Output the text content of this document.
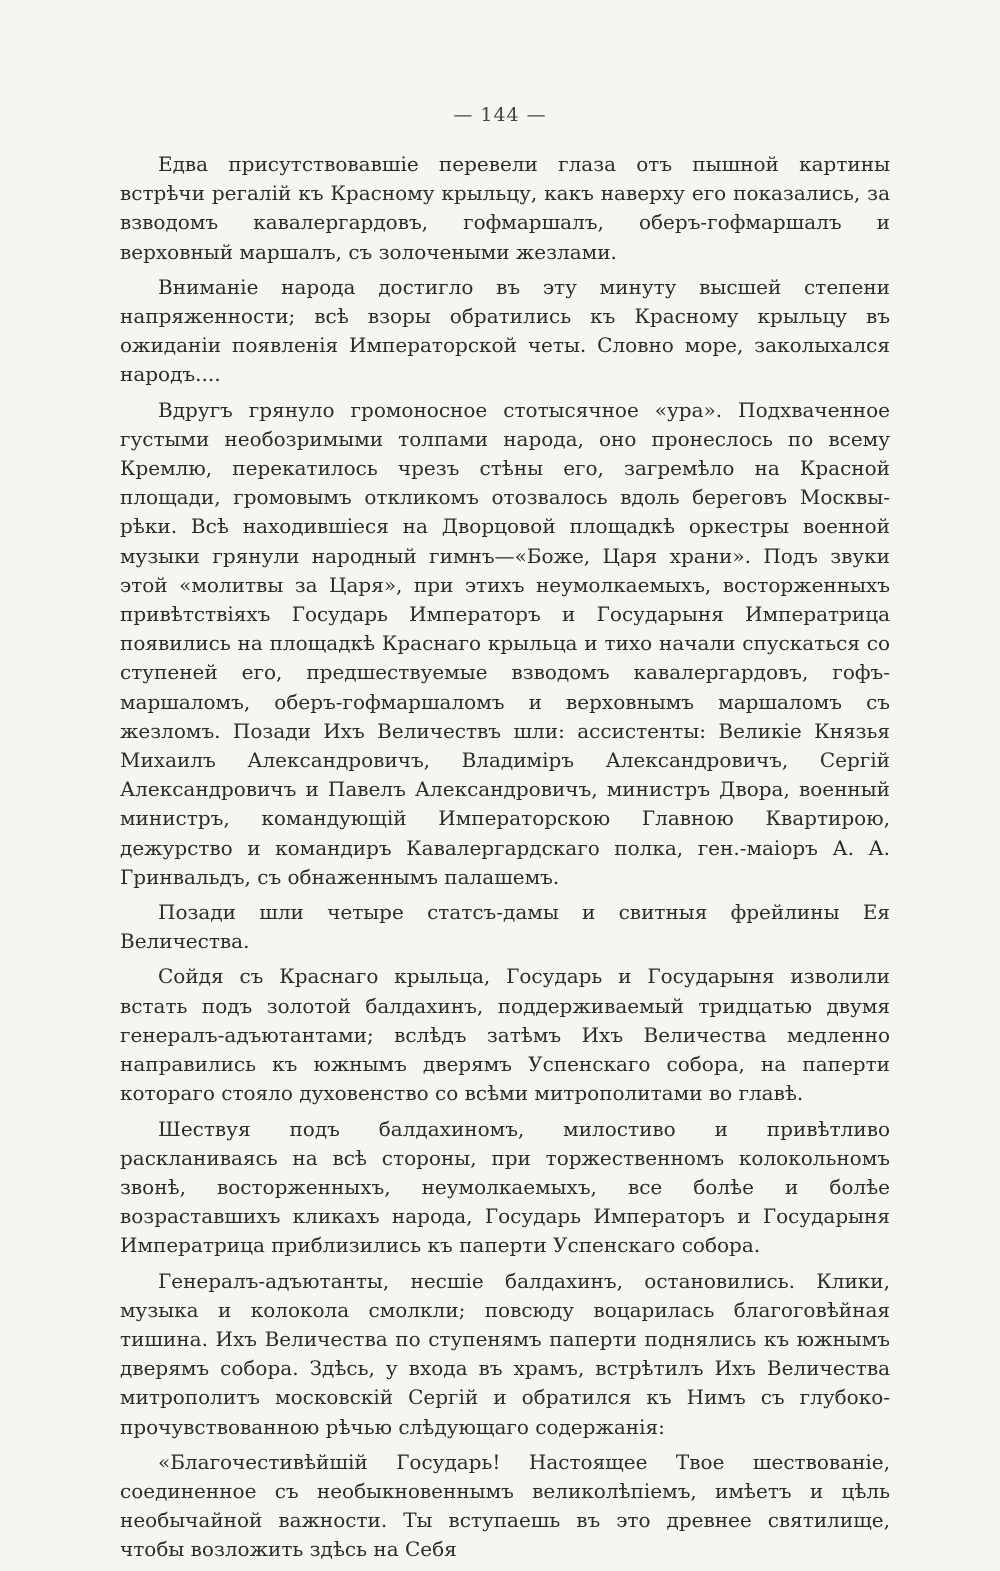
— 144 —

Едва присутствовавшіе перевели глаза отъ пышной картины встрѣчи регалій къ Красному крыльцу, какъ наверху его показались, за взводомъ кавалергардовъ, гофмаршалъ, оберъ-гофмаршалъ и верховный маршалъ, съ золочеными жезлами.

Вниманіе народа достигло въ эту минуту высшей степени напряженности; всѣ взоры обратились къ Красному крыльцу въ ожиданіи появленія Императорской четы. Словно море, заколыхался народъ....

Вдругъ грянуло громоносное стотысячное «ура». Подхваченное густыми необозримыми толпами народа, оно пронеслось по всему Кремлю, перекатилось чрезъ стѣны его, загремѣло на Красной площади, громовымъ откликомъ отозвалось вдоль береговъ Москвы-рѣки. Всѣ находившіеся на Дворцовой площадкѣ оркестры военной музыки грянули народный гимнъ—«Боже, Царя храни». Подъ звуки этой «молитвы за Царя», при этихъ неумолкаемыхъ, восторженныхъ привѣтствіяхъ Государь Императоръ и Государыня Императрица появились на площадкѣ Краснаго крыльца и тихо начали спускаться со ступеней его, предшествуемые взводомъ кавалергардовъ, гофъ-маршаломъ, оберъ-гофмаршаломъ и верховнымъ маршаломъ съ жезломъ. Позади Ихъ Величествъ шли: ассистенты: Великіе Князья Михаилъ Александровичъ, Владиміръ Александровичъ, Сергій Александровичъ и Павелъ Александровичъ, министръ Двора, военный министръ, командующій Императорскою Главною Квартирою, дежурство и командиръ Кавалергардскаго полка, ген.-маіоръ А. А. Гринвальдъ, съ обнаженнымъ палашемъ.

Позади шли четыре статсъ-дамы и свитныя фрейлины Ея Величества.

Сойдя съ Краснаго крыльца, Государь и Государыня изволили встать подъ золотой балдахинъ, поддерживаемый тридцатью двумя генералъ-адъютантами; вслѣдъ затѣмъ Ихъ Величества медленно направились къ южнымъ дверямъ Успенскаго собора, на паперти котораго стояло духовенство со всѣми митрополитами во главѣ.

Шествуя подъ балдахиномъ, милостиво и привѣтливо раскланиваясь на всѣ стороны, при торжественномъ колокольномъ звонѣ, восторженныхъ, неумолкаемыхъ, все болѣе и болѣе возраставшихъ кликахъ народа, Государь Императоръ и Государыня Императрица приблизились къ паперти Успенскаго собора.

Генералъ-адъютанты, несшіе балдахинъ, остановились. Клики, музыка и колокола смолкли; повсюду воцарилась благоговѣйная тишина. Ихъ Величества по ступенямъ паперти поднялись къ южнымъ дверямъ собора. Здѣсь, у входа въ храмъ, встрѣтилъ Ихъ Величества митрополитъ московскій Сергій и обратился къ Нимъ съ глубоко-прочувствованною рѣчью слѣдующаго содержанія:

«Благочестивѣйшій Государь! Настоящее Твое шествованіе, соединенное съ необыкновеннымъ великолѣпіемъ, имѣетъ и цѣль необычайной важности. Ты вступаешь въ это древнее святилище, чтобы возложить здѣсь на Себя
